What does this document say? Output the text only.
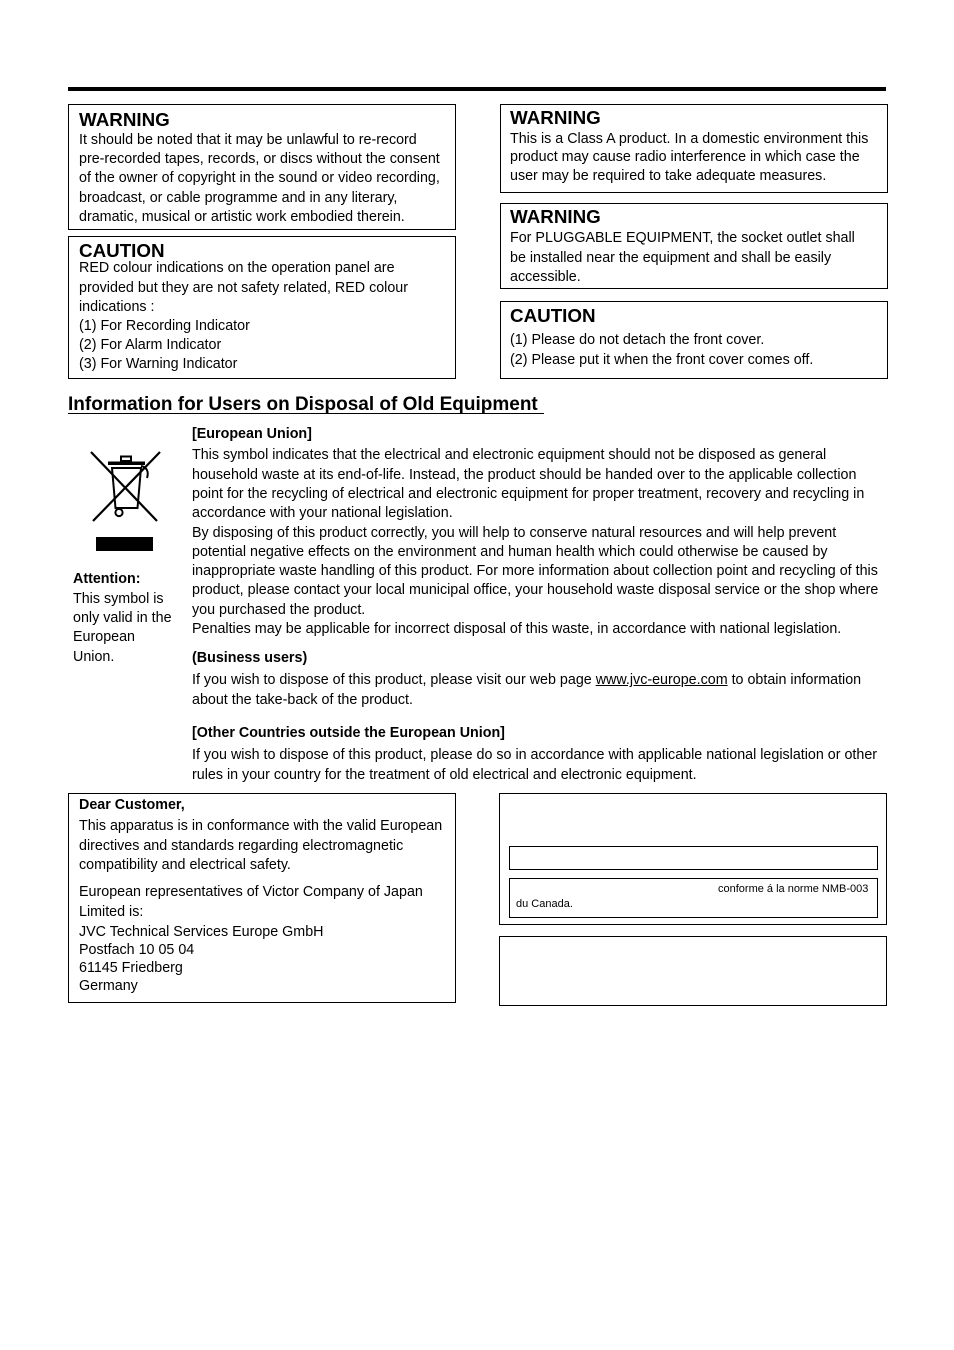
WARNING
It should be noted that it may be unlawful to re-record
pre-recorded tapes, records, or discs without the consent
of the owner of copyright in the sound or video recording,
broadcast, or cable programme and in any literary,
dramatic, musical or artistic work embodied therein.
CAUTION
RED colour indications on the operation panel are
provided but they are not safety related, RED colour
indications :
(1) For Recording Indicator
(2) For Alarm Indicator
(3) For Warning Indicator
WARNING
This is a Class A product. In a domestic environment this
product may cause radio interference in which case the
user may be required to take adequate measures.
WARNING
For PLUGGABLE EQUIPMENT, the socket outlet shall
be installed near the equipment and shall be easily
accessible.
CAUTION
(1) Please do not detach the front cover.
(2) Please put it when the front cover comes off.
Information for Users on Disposal of Old Equipment
Attention:
This symbol is
only valid in the
European
Union.
[European Union]
This symbol indicates that the electrical and electronic equipment should not be disposed as general
household waste at its end-of-life. Instead, the product should be handed over to the applicable collection
point for the recycling of electrical and electronic equipment for proper treatment, recovery and recycling in
accordance with your national legislation.
By disposing of this product correctly, you will help to conserve natural resources and will help prevent
potential negative effects on the environment and human health which could otherwise be caused by
inappropriate waste handling of this product. For more information about collection point and recycling of this
product, please contact your local municipal office, your household waste disposal service or the shop where
you purchased the product.
Penalties may be applicable for incorrect disposal of this waste, in accordance with national legislation.
(Business users)
If you wish to dispose of this product, please visit our web page www.jvc-europe.com to obtain information
about the take-back of the product.
[Other Countries outside the European Union]
If you wish to dispose of this product, please do so in accordance with applicable national legislation or other
rules in your country for the treatment of old electrical and electronic equipment.
Dear Customer,
This apparatus is in conformance with the valid European
directives and standards regarding electromagnetic
compatibility and electrical safety.
European representatives of Victor Company of Japan
Limited is:
JVC Technical Services Europe GmbH
Postfach 10 05 04
61145 Friedberg
Germany
conforme á la norme NMB-003
du Canada.
